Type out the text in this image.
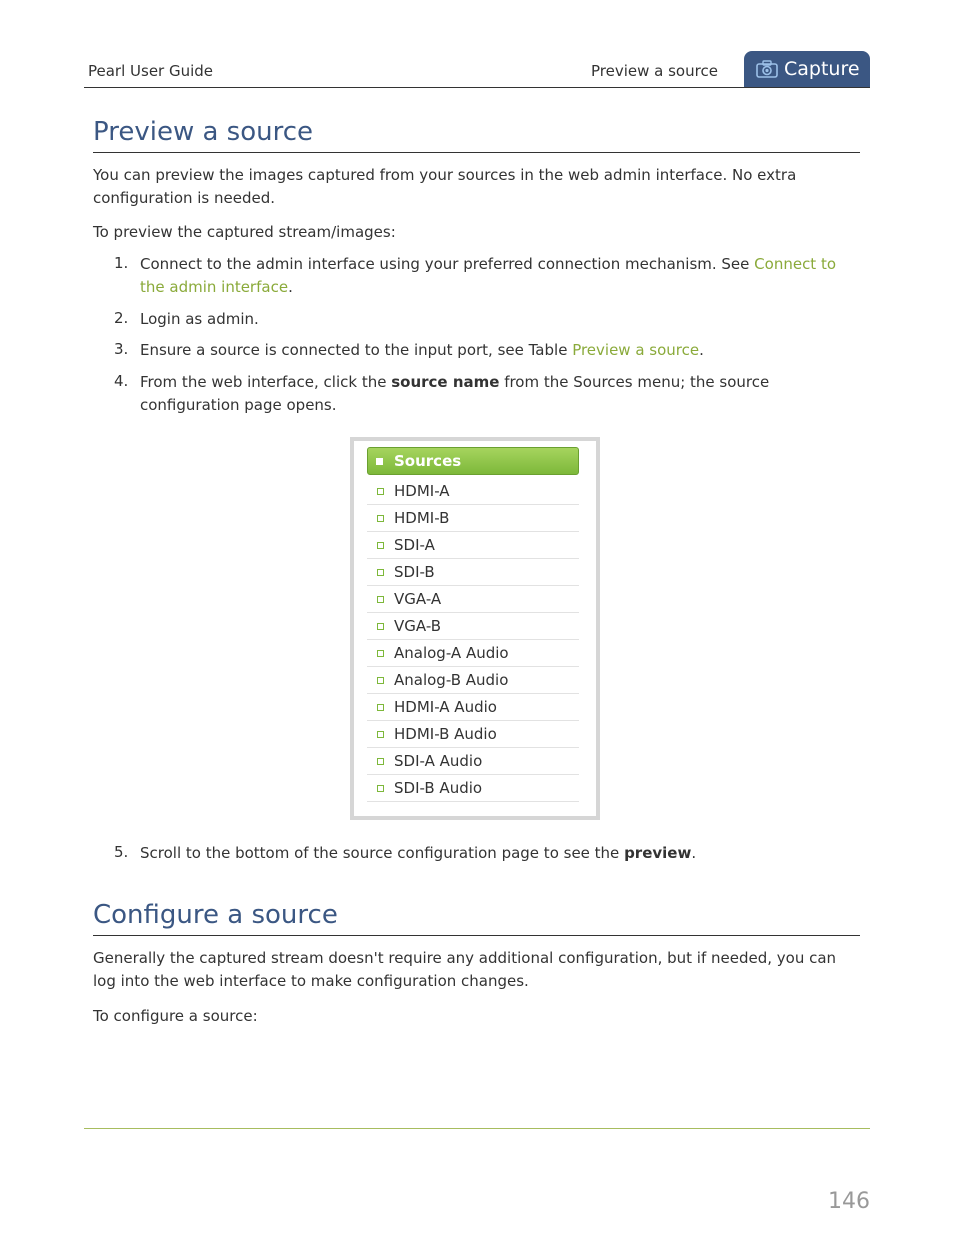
Pearl User Guide	Preview a source	Capture
Preview a source

You can preview the images captured from your sources in the web admin interface. No extra configuration is needed.

To preview the captured stream/images:

1. Connect to the admin interface using your preferred connection mechanism. See Connect to the admin interface.

2. Login as admin.

3. Ensure a source is connected to the input port, see Table Preview a source.

4. From the web interface, click the source name from the Sources menu; the source configuration page opens.

Sources
HDMI-A
HDMI-B
SDI-A
SDI-B
VGA-A
VGA-B
Analog-A Audio
Analog-B Audio
HDMI-A Audio
HDMI-B Audio
SDI-A Audio
SDI-B Audio
5. Scroll to the bottom of the source configuration page to see the preview.

Configure a source

Generally the captured stream doesn't require any additional configuration, but if needed, you can log into the web interface to make configuration changes.

To configure a source:

146
